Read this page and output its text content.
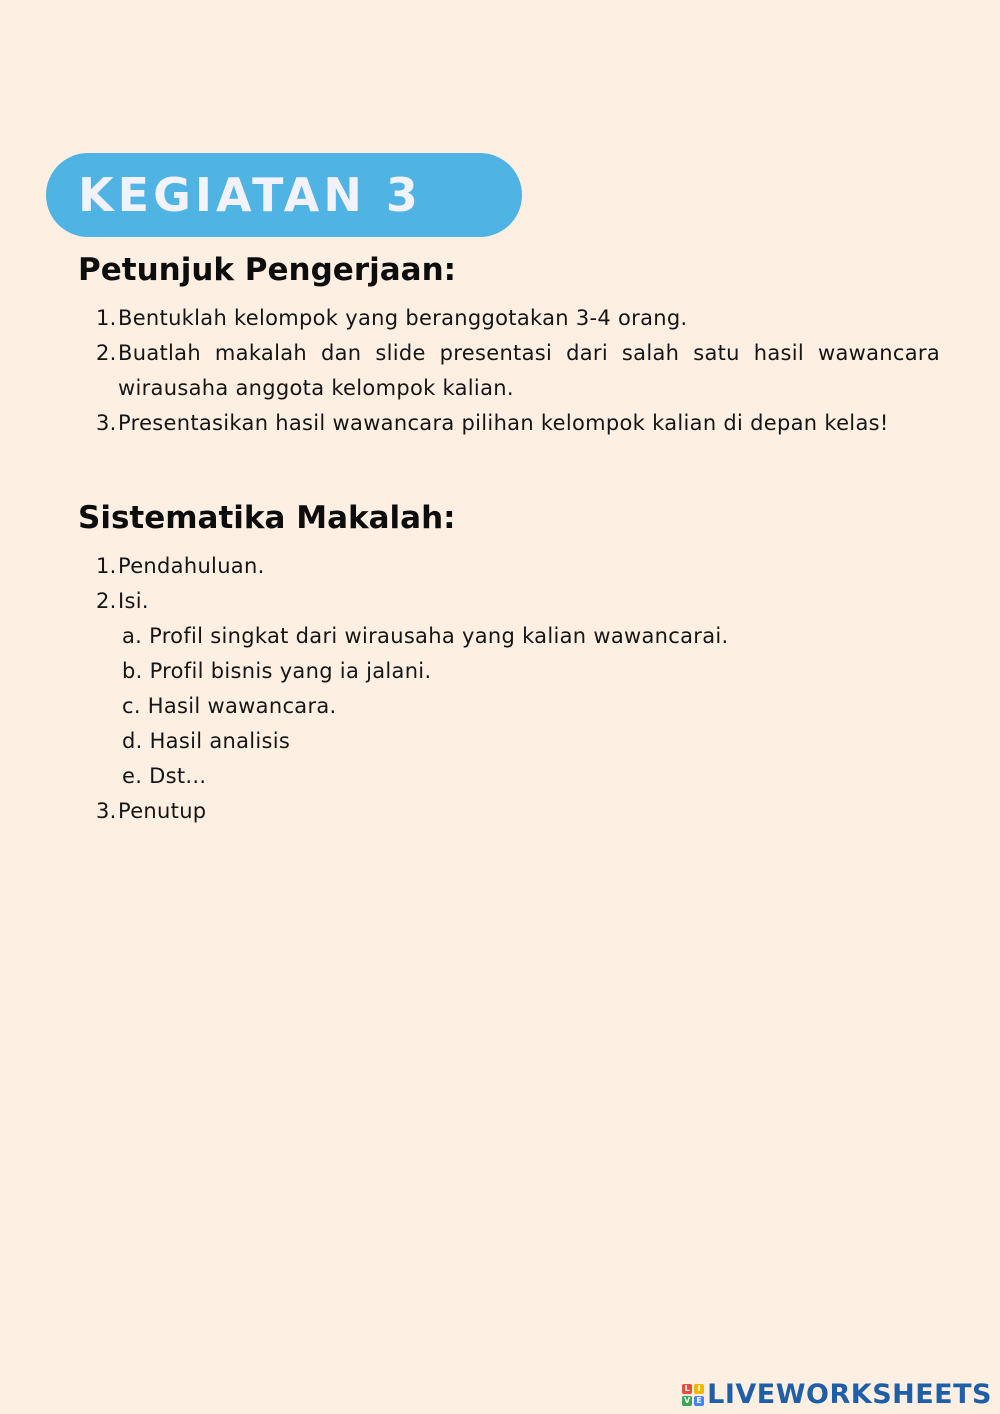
KEGIATAN 3
Petunjuk Pengerjaan:
1. Bentuklah kelompok yang beranggotakan 3-4 orang.
2. Buatlah makalah dan slide presentasi dari salah satu hasil wawancara wirausaha anggota kelompok kalian.
3. Presentasikan hasil wawancara pilihan kelompok kalian di depan kelas!
Sistematika Makalah:
1. Pendahuluan.
2. Isi.
a. Profil singkat dari wirausaha yang kalian wawancarai.
b. Profil bisnis yang ia jalani.
c. Hasil wawancara.
d. Hasil analisis
e. Dst...
3. Penutup
L I
V E LIVEWORKSHEETS
